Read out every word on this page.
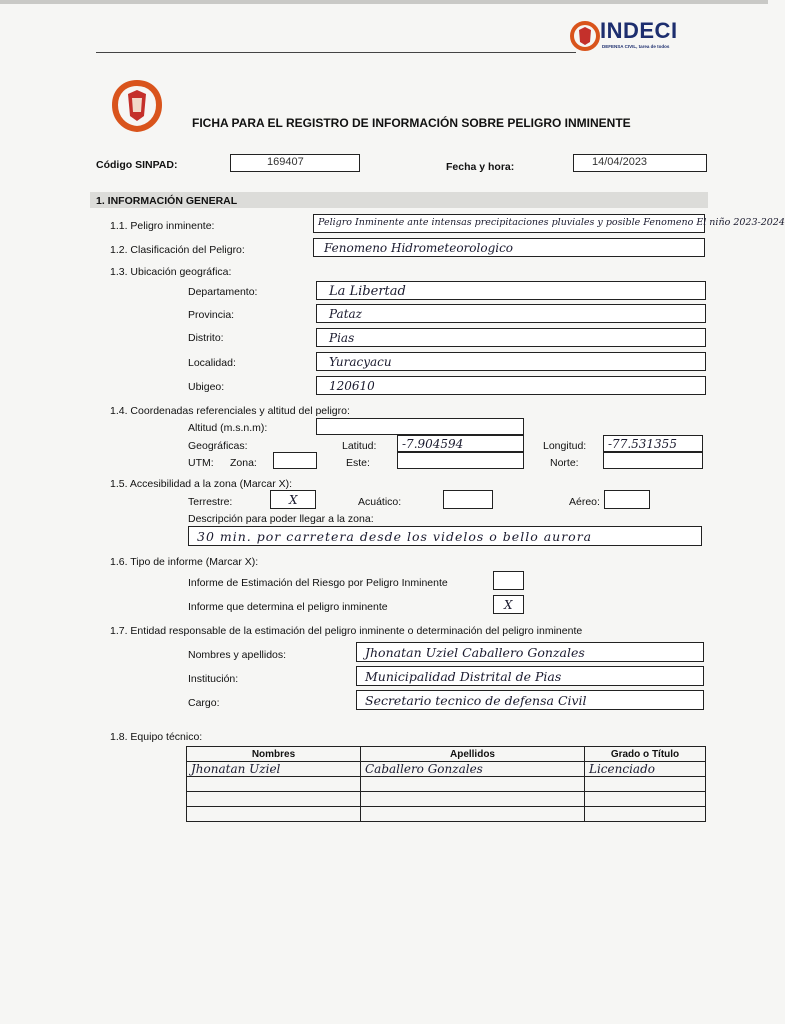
INDECI
DEFENSA CIVIL, tarea de todos
FICHA PARA EL REGISTRO DE INFORMACIÓN SOBRE PELIGRO INMINENTE
Código SINPAD:	169407	Fecha y hora:	14/04/2023
1. INFORMACIÓN GENERAL
1.1. Peligro inminente:	Peligro Inminente ante intensas precipitaciones pluviales y posible Fenomeno El niño 2023-2024
1.2. Clasificación del Peligro:	Fenomeno Hidrometeorologico
1.3. Ubicación geográfica:
Departamento:	La Libertad
Provincia:	Pataz
Distrito:	Pias
Localidad:	Yuracyacu
Ubigeo:	120610
1.4. Coordenadas referenciales y altitud del peligro:
Altitud (m.s.n.m):
Geográficas:	Latitud: -7.904594	Longitud: -77.531355
UTM: Zona:	Este:	Norte:
1.5. Accesibilidad a la zona (Marcar X):
Terrestre:	X	Acuático:	Aéreo:
Descripción para poder llegar a la zona:
30 min. por carretera desde los videlos o bello aurora
1.6. Tipo de informe (Marcar X):
Informe de Estimación del Riesgo por Peligro Inminente
Informe que determina el peligro inminente	X
1.7. Entidad responsable de la estimación del peligro inminente o determinación del peligro inminente
Nombres y apellidos:	Jhonatan Uziel Caballero Gonzales
Institución:	Municipalidad Distrital de Pias
Cargo:	Secretario tecnico de defensa Civil
1.8. Equipo técnico:
Nombres	Apellidos	Grado o Título
Jhonatan Uziel	Caballero Gonzales	Licenciado
